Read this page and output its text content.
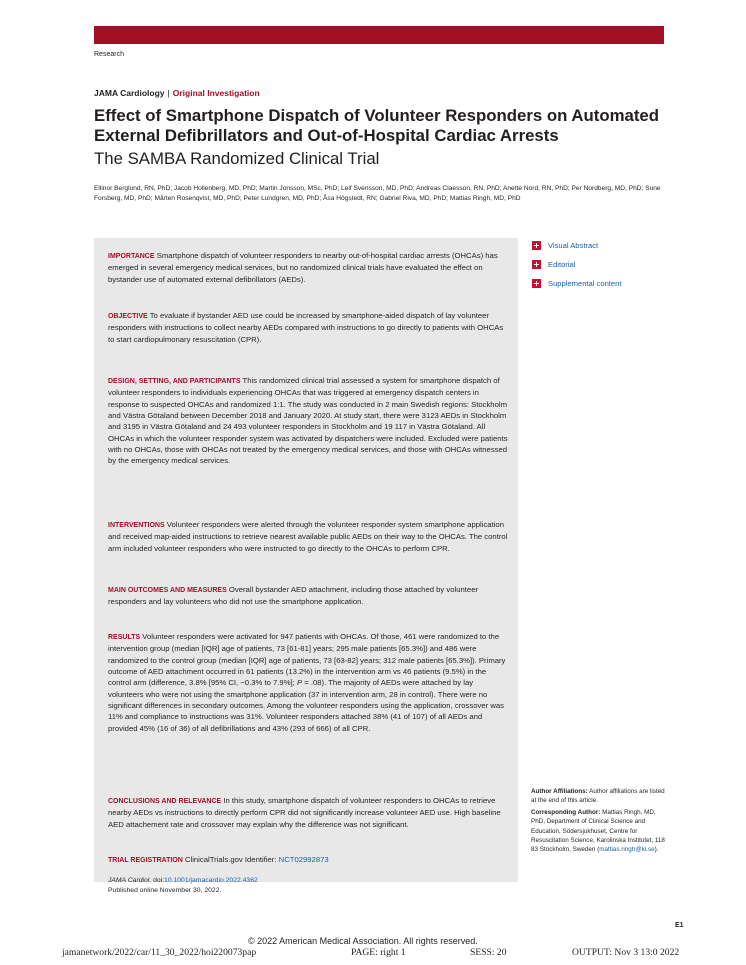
Research
JAMA Cardiology | Original Investigation
Effect of Smartphone Dispatch of Volunteer Responders on Automated External Defibrillators and Out-of-Hospital Cardiac Arrests
The SAMBA Randomized Clinical Trial
Ellinor Berglund, RN, PhD; Jacob Hollenberg, MD, PhD; Martin Jonsson, MSc, PhD; Leif Svensson, MD, PhD; Andreas Claesson, RN, PhD; Anette Nord, RN, PhD; Per Nordberg, MD, PhD; Sune Forsberg, MD, PhD; Mårten Rosenqvist, MD, PhD; Peter Lundgren, MD, PhD; Åsa Högstedt, RN; Gabriel Riva, MD, PhD; Mattias Ringh, MD, PhD

IMPORTANCE Smartphone dispatch of volunteer responders to nearby out-of-hospital cardiac arrests (OHCAs) has emerged in several emergency medical services, but no randomized clinical trials have evaluated the effect on bystander use of automated external defibrillators (AEDs).

OBJECTIVE To evaluate if bystander AED use could be increased by smartphone-aided dispatch of lay volunteer responders with instructions to collect nearby AEDs compared with instructions to go directly to patients with OHCAs to start cardiopulmonary resuscitation (CPR).

DESIGN, SETTING, AND PARTICIPANTS This randomized clinical trial assessed a system for smartphone dispatch of volunteer responders to individuals experiencing OHCAs that was triggered at emergency dispatch centers in response to suspected OHCAs and randomized 1:1. The study was conducted in 2 main Swedish regions: Stockholm and Västra Götaland between December 2018 and January 2020. At study start, there were 3123 AEDs in Stockholm and 3195 in Västra Götaland and 24 493 volunteer responders in Stockholm and 19 117 in Västra Götaland. All OHCAs in which the volunteer responder system was activated by dispatchers were included. Excluded were patients with no OHCAs, those with OHCAs not treated by the emergency medical services, and those with OHCAs witnessed by the emergency medical services.

INTERVENTIONS Volunteer responders were alerted through the volunteer responder system smartphone application and received map-aided instructions to retrieve nearest available public AEDs on their way to the OHCAs. The control arm included volunteer responders who were instructed to go directly to the OHCAs to perform CPR.

MAIN OUTCOMES AND MEASURES Overall bystander AED attachment, including those attached by volunteer responders and lay volunteers who did not use the smartphone application.

RESULTS Volunteer responders were activated for 947 patients with OHCAs. Of those, 461 were randomized to the intervention group (median [IQR] age of patients, 73 [61-81] years; 295 male patients [65.3%]) and 486 were randomized to the control group (median [IQR] age of patients, 73 [63-82] years; 312 male patients [65.3%]). Primary outcome of AED attachment occurred in 61 patients (13.2%) in the intervention arm vs 46 patients (9.5%) in the control arm (difference, 3.8% [95% CI, −0.3% to 7.9%]; P = .08). The majority of AEDs were attached by lay volunteers who were not using the smartphone application (37 in intervention arm, 28 in control). There were no significant differences in secondary outcomes. Among the volunteer responders using the application, crossover was 11% and compliance to instructions was 31%. Volunteer responders attached 38% (41 of 107) of all AEDs and provided 45% (16 of 36) of all defibrillations and 43% (293 of 666) of all CPR.

CONCLUSIONS AND RELEVANCE In this study, smartphone dispatch of volunteer responders to OHCAs to retrieve nearby AEDs vs instructions to directly perform CPR did not significantly increase volunteer AED use. High baseline AED attachement rate and crossover may explain why the difference was not significant.

TRIAL REGISTRATION ClinicalTrials.gov Identifier: NCT02992873

JAMA Cardiol. doi:10.1001/jamacardio.2022.4362
Published online November 30, 2022.
Visual Abstract
Editorial
Supplemental content
Author Affiliations: Author affiliations are listed at the end of this article.
Corresponding Author: Mattias Ringh, MD, PhD, Department of Clinical Science and Education, Södersjukhuset, Centre for Resuscitation Science, Karolinska Institutet, 118 83 Stockholm, Sweden (mattias.ringh@ki.se).
E1
© 2022 American Medical Association. All rights reserved.
jamanetwork/2022/car/11_30_2022/hoi220073pap	PAGE: right 1	SESS: 20	OUTPUT: Nov 3 13:0 2022
